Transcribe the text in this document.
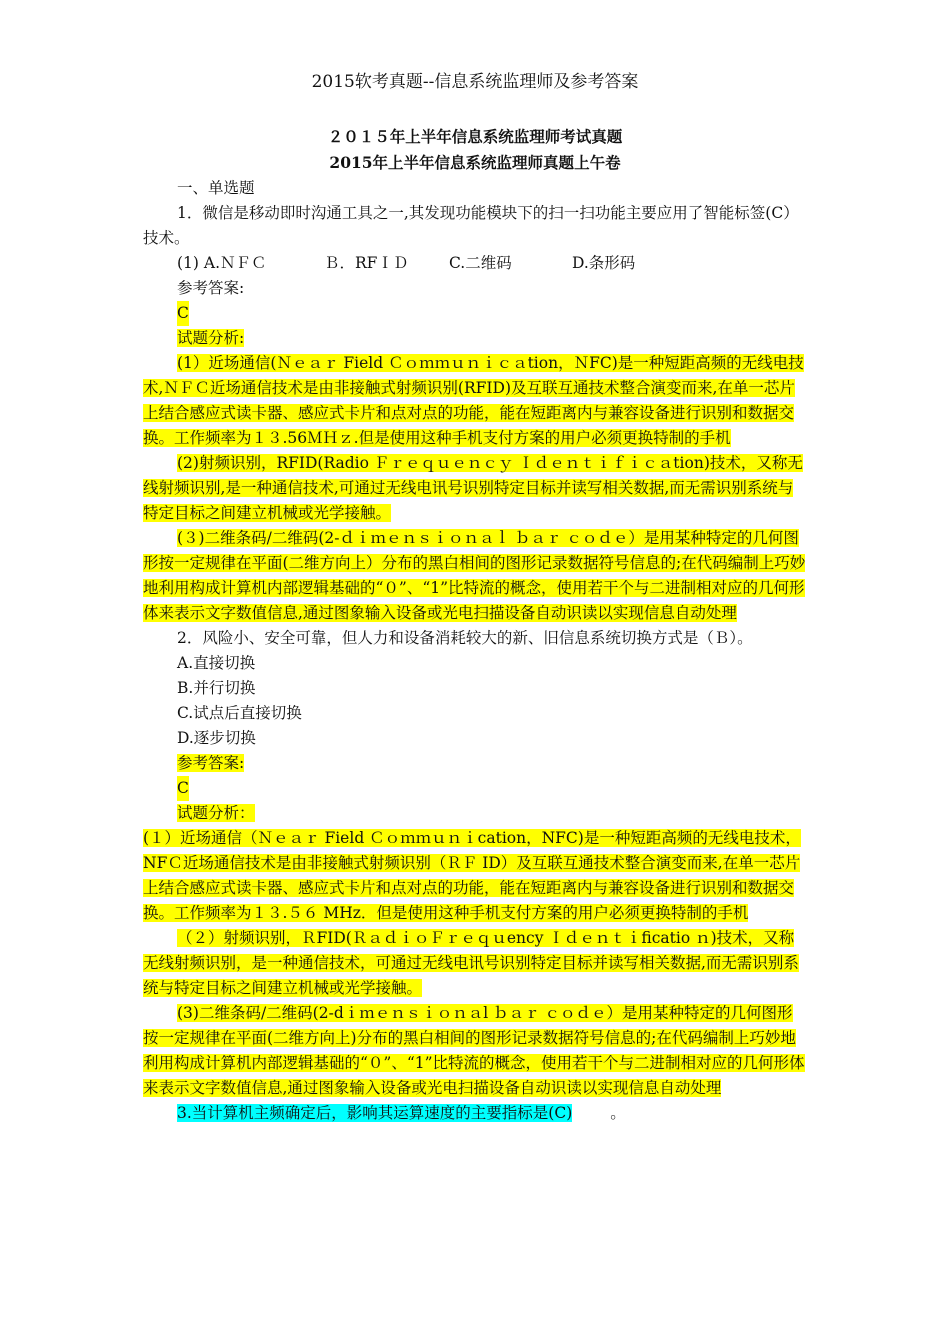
2015软考真题--信息系统监理师及参考答案
２０１５年上半年信息系统监理师考试真题
2015年上半年信息系统监理师真题上午卷

一、单选题

1．微信是移动即时沟通工具之一,其发现功能模块下的扫一扫功能主要应用了智能标签(C）技术。

(1) A.ＮＦＣ	Ｂ．RFＩＤ	C.二维码	D.条形码

参考答案:

C

试题分析:

(1）近场通信(Ｎｅａｒ Field Ｃｏｍｍｕｎｉｃａtion，ＮFC)是一种短距高频的无线电技术,ＮＦＣ近场通信技术是由非接触式射频识别(RFID)及互联互通技术整合演变而来,在单一芯片上结合感应式读卡器、感应式卡片和点对点的功能，能在短距离内与兼容设备进行识别和数据交换。工作频率为１３.56ＭＨｚ.但是使用这种手机支付方案的用户必须更换特制的手机

(2)射频识别，RFID(Radio Ｆｒｅｑｕｅｎｃｙ Ｉｄｅｎｔｉｆｉｃａtion)技术，又称无线射频识别,是一种通信技术,可通过无线电讯号识别特定目标并读写相关数据,而无需识别系统与特定目标之间建立机械或光学接触。

(３)二维条码/二维码(2-ｄｉｍｅｎｓｉｏｎａｌ ｂａｒ ｃｏｄｅ）是用某种特定的几何图形按一定规律在平面(二维方向上）分布的黑白相间的图形记录数据符号信息的;在代码编制上巧妙地利用构成计算机内部逻辑基础的“０”、“1”比特流的概念，使用若干个与二进制相对应的几何形体来表示文字数值信息,通过图象输入设备或光电扫描设备自动识读以实现信息自动处理

2．风险小、安全可靠，但人力和设备消耗较大的新、旧信息系统切换方式是（Ｂ）。

A.直接切换

B.并行切换

C.试点后直接切换

D.逐步切换

参考答案:

C

试题分析：

(１）近场通信（Ｎｅａｒ Field Ｃｏｍｍｕｎｉcation，NFC)是一种短距高频的无线电技术，NFＣ近场通信技术是由非接触式射频识别（ＲＦ ID）及互联互通技术整合演变而来,在单一芯片上结合感应式读卡器、感应式卡片和点对点的功能，能在短距离内与兼容设备进行识别和数据交换。工作频率为１３.５６ MHz．但是使用这种手机支付方案的用户必须更换特制的手机

（２）射频识别，ＲFID(ＲａｄｉｏＦｒｅｑｕency Ｉｄｅｎｔｉficatio ｎ)技术，又称无线射频识别，是一种通信技术，可通过无线电讯号识别特定目标并读写相关数据,而无需识别系统与特定目标之间建立机械或光学接触。

(3)二维条码/二维码(2-dｉｍｅｎｓｉｏｎａl ｂａｒ ｃｏｄｅ）是用某种特定的几何图形按一定规律在平面(二维方向上)分布的黑白相间的图形记录数据符号信息的;在代码编制上巧妙地利用构成计算机内部逻辑基础的“０”、“1”比特流的概念，使用若干个与二进制相对应的几何形体来表示文字数值信息,通过图象输入设备或光电扫描设备自动识读以实现信息自动处理

3.当计算机主频确定后，影响其运算速度的主要指标是(C) 。
